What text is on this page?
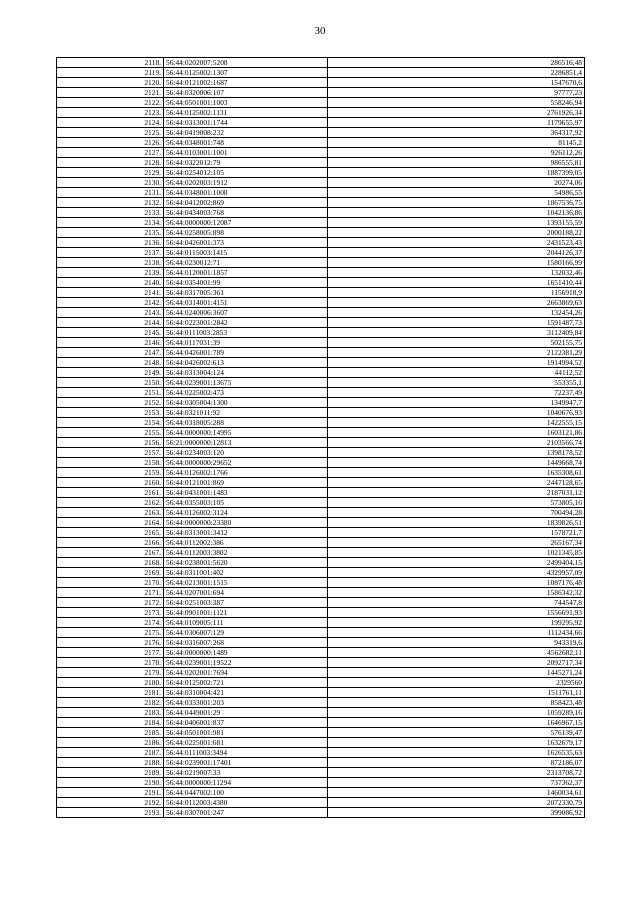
30
2118.	56:44:0202007:5208	286516,48
2119.	56:44:0125002:1307	2286851,4
2120.	56:44:0121002:1687	1547670,6
2121.	56:44:0320006:107	97777,23
2122.	56:44:0501001:1003	558246,94
2123.	56:44:0125002:1131	2761926,34
2124.	56:44:0313001:1744	1179655,97
2125.	56:44:0419008:232	364317,92
2126.	56:44:0348001:748	81145,2
2127.	56:44:0103001:1001	926112,26
2128.	56:44:0322012:79	986555,81
2129.	56:44:0254012:105	1887399,05
2130.	56:44:0202003:1912	20274,06
2131.	56:44:0348001:1008	54986,55
2132.	56:44:0412002:869	1867536,75
2133.	56:44:0434003:768	1042136,86
2134.	56:44:0000000:12087	1393155,59
2135.	56:44:0258005:898	2000188,22
2136.	56:44:0426001:373	2431523,43
2137.	56:44:0115003:1415	2044126,37
2138.	56:44:0230012:71	1580166,99
2139.	56:44:0120001:1857	132032,46
2140.	56:44:0354001:99	1651410,44
2141.	56:44:0317005:361	1156918,9
2142.	56:44:0314001:4151	2663869,63
2143.	56:44:0240006:3607	132454,26
2144.	56:44:0223001:2842	1591487,73
2145.	56:44:0111003:2853	3112409,84
2146.	56:44:0117031:39	502155,75
2147.	56:44:0426001:789	2122381,29
2148.	56:44:0426002:613	1914994,52
2149.	56:44:0313004:124	44112,52
2150.	56:44:0239001:13675	553355,1
2151.	56:44:0225002:473	72237,49
2152.	56:44:0305004:1300	1349947,7
2153.	56:44:0321011:92	1040676,93
2154.	56:44:0318005:288	1422555,15
2155.	56:44:0000000:14995	1603121,86
2156.	56:21:0000000:12813	2103566,74
2157.	56:44:0234003:120	1398178,52
2158.	56:44:0000000:29652	1449668,74
2159.	56:44:0126002:1766	1635308,61
2160.	56:44:0121001:869	2447128,65
2161.	56:44:0431001:1483	2187031,12
2162.	56:44:0355003:105	573805,16
2163.	56:44:0126002:3124	700494,28
2164.	56:44:0000000:23380	1839826,51
2165.	56:44:0313001:3412	1578721,7
2166.	56:44:0112002:386	265167,34
2167.	56:44:0112003:3802	1021345,85
2168.	56:44:0238001:5620	2499404,15
2169.	56:44:0311001:402	4329957,09
2170.	56:44:0213001:1515	1087176,48
2171.	56:44:0207001:694	1586342,32
2172.	56:44:0251003:387	744547,8
2173.	56:44:0901001:1121	1556691,93
2174.	56:44:0109005:111	199295,92
2175.	56:44:0306007:129	1112434,66
2176.	56:44:0316007:268	943319,6
2177.	56:44:0000000:1489	4562682,11
2178.	56:44:0239001:19522	2092717,34
2179.	56:44:0202001:7694	1445271,24
2180.	56:44:0125002:721	2329560
2181.	56:44:0310004:421	1511761,11
2182.	56:44:0333001:203	858423,48
2183.	56:44:0449001:29	1059289,16
2184.	56:44:0406001:837	1646967,15
2185.	56:44:0501001:981	576139,47
2186.	56:44:0225001:681	1632679,17
2187.	56:44:0111003:3494	1626535,63
2188.	56:44:0239001:17401	872186,07
2189.	56:44:0219007:33	2313708,72
2190.	56:44:0000000:11294	737362,37
2191.	56:44:0447002:100	1460034,61
2192.	56:44:0112003:4380	2072330,79
2193.	56:44:0307001:247	399086,92
